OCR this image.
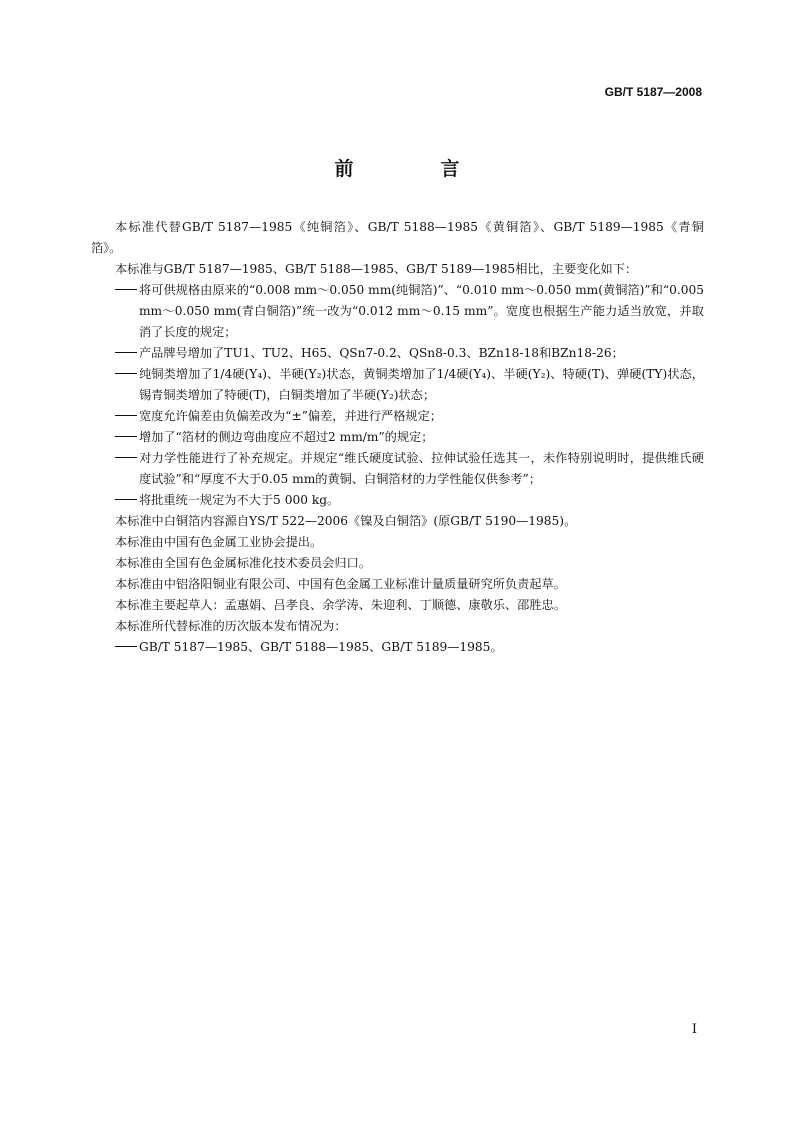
GB/T 5187—2008
前　言

本标准代替GB/T 5187—1985《纯铜箔》、GB/T 5188—1985《黄铜箔》、GB/T 5189—1985《青铜箔》。

本标准与GB/T 5187—1985、GB/T 5188—1985、GB/T 5189—1985相比，主要变化如下：

将可供规格由原来的“0.008 mm～0.050 mm(纯铜箔)”、“0.010 mm～0.050 mm(黄铜箔)”和“0.005 mm～0.050 mm(青白铜箔)”统一改为“0.012 mm～0.15 mm”。宽度也根据生产能力适当放宽，并取消了长度的规定；

产品牌号增加了TU1、TU2、H65、QSn7-0.2、QSn8-0.3、BZn18-18和BZn18-26；

纯铜类增加了1/4硬(Y₄)、半硬(Y₂)状态，黄铜类增加了1/4硬(Y₄)、半硬(Y₂)、特硬(T)、弹硬(TY)状态，锡青铜类增加了特硬(T)，白铜类增加了半硬(Y₂)状态；

宽度允许偏差由负偏差改为“±”偏差，并进行严格规定；

增加了“箔材的侧边弯曲度应不超过2 mm/m”的规定；

对力学性能进行了补充规定。并规定“维氏硬度试验、拉伸试验任选其一，未作特别说明时，提供维氏硬度试验”和“厚度不大于0.05 mm的黄铜、白铜箔材的力学性能仅供参考”；

将批重统一规定为不大于5 000 kg。

本标准中白铜箔内容源自YS/T 522—2006《镍及白铜箔》(原GB/T 5190—1985)。

本标准由中国有色金属工业协会提出。

本标准由全国有色金属标准化技术委员会归口。

本标准由中铝洛阳铜业有限公司、中国有色金属工业标准计量质量研究所负责起草。

本标准主要起草人：孟惠娟、吕孝良、余学涛、朱迎利、丁顺德、康敬乐、邵胜忠。

本标准所代替标准的历次版本发布情况为：

GB/T 5187—1985、GB/T 5188—1985、GB/T 5189—1985。

Ⅰ
